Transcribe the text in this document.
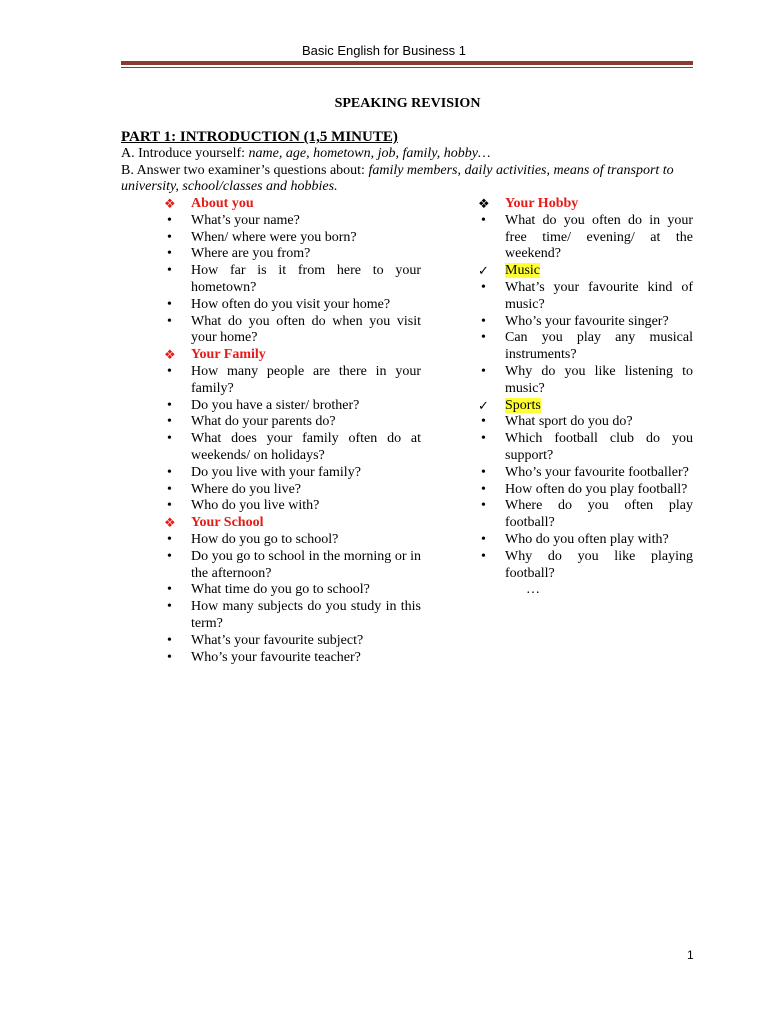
Basic English for Business 1
SPEAKING REVISION
PART 1: INTRODUCTION (1,5 MINUTE)
A. Introduce yourself: name, age, hometown, job, family, hobby…
B. Answer two examiner’s questions about: family members, daily activities, means of transport to university, school/classes and hobbies.
❖	About you
•	What’s your name?
•	When/ where were you born?
•	Where are you from?
•	How far is it from here to your hometown?
•	How often do you visit your home?
•	What do you often do when you visit your home?
❖	Your Family
•	How many people are there in your family?
•	Do you have a sister/ brother?
•	What do your parents do?
•	What does your family often do at weekends/ on holidays?
•	Do you live with your family?
•	Where do you live?
•	Who do you live with?
❖	Your School
•	How do you go to school?
•	Do you go to school in the morning or in the afternoon?
•	What time do you go to school?
•	How many subjects do you study in this term?
•	What’s your favourite subject?
•	Who’s your favourite teacher?
❖	Your Hobby
•	What do you often do in your free time/ evening/ at the weekend?
✓	Music
•	What’s your favourite kind of music?
•	Who’s your favourite singer?
•	Can you play any musical instruments?
•	Why do you like listening to music?
✓	Sports
•	What sport do you do?
•	Which football club do you support?
•	Who’s your favourite footballer?
•	How often do you play football?
•	Where do you often play football?
•	Who do you often play with?
•	Why do you like playing football?
…
1
